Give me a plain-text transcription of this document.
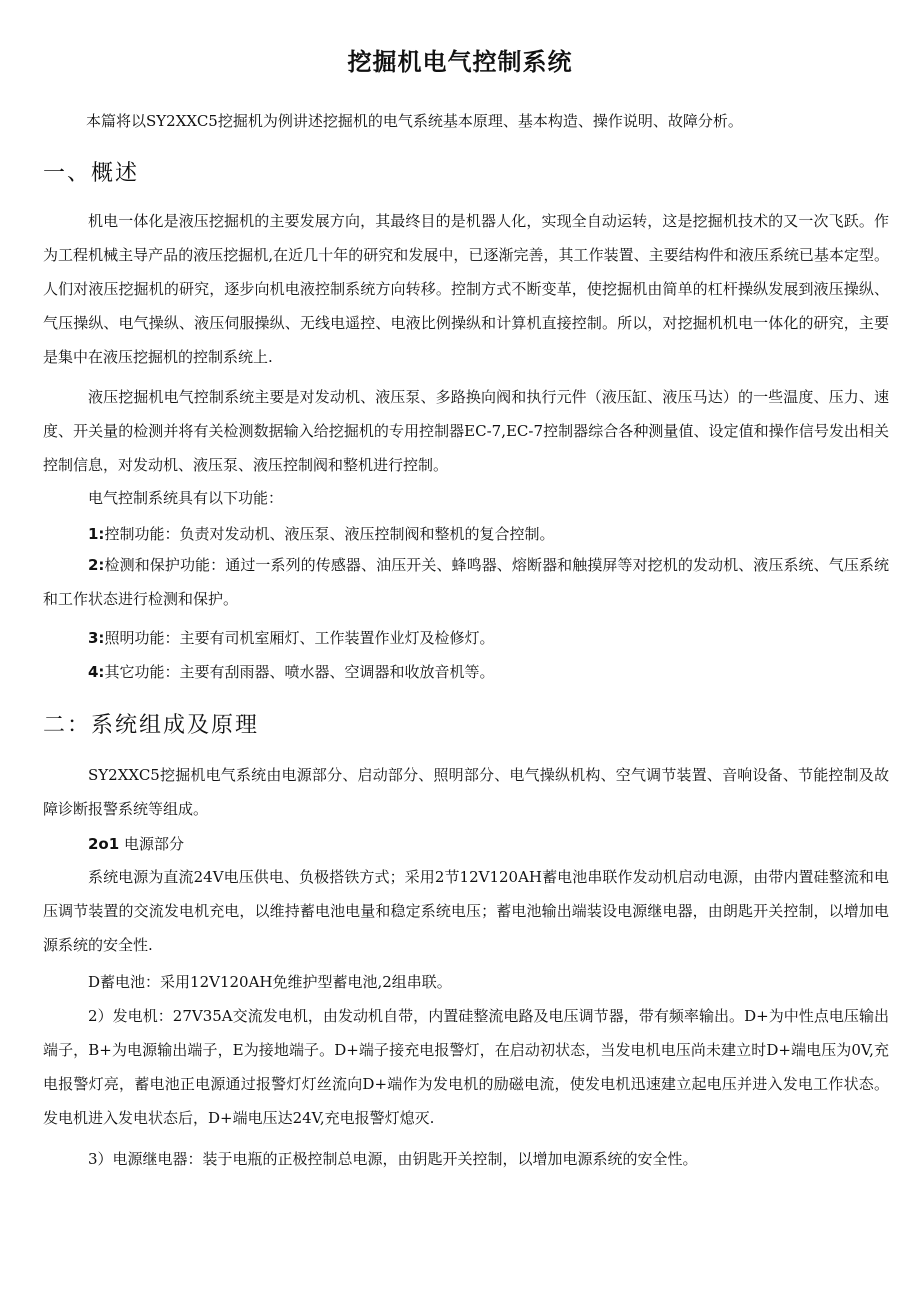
挖掘机电气控制系统
本篇将以SY2XXC5挖掘机为例讲述挖掘机的电气系统基本原理、基本构造、操作说明、故障分析。
一、概述
机电一体化是液压挖掘机的主要发展方向，其最终目的是机器人化，实现全自动运转，这是挖掘机技术的又一次飞跃。作为工程机械主导产品的液压挖掘机,在近几十年的研究和发展中，已逐渐完善，其工作装置、主要结构件和液压系统已基本定型。人们对液压挖掘机的研究，逐步向机电液控制系统方向转移。控制方式不断变革，使挖掘机由简单的杠杆操纵发展到液压操纵、气压操纵、电气操纵、液压伺服操纵、无线电遥控、电液比例操纵和计算机直接控制。所以，对挖掘机机电一体化的研究，主要是集中在液压挖掘机的控制系统上.
液压挖掘机电气控制系统主要是对发动机、液压泵、多路换向阀和执行元件（液压缸、液压马达）的一些温度、压力、速度、开关量的检测并将有关检测数据输入给挖掘机的专用控制器EC-7,EC-7控制器综合各种测量值、设定值和操作信号发出相关控制信息，对发动机、液压泵、液压控制阀和整机进行控制。
电气控制系统具有以下功能：
1:控制功能：负责对发动机、液压泵、液压控制阀和整机的复合控制。
2:检测和保护功能：通过一系列的传感器、油压开关、蜂鸣器、熔断器和触摸屏等对挖机的发动机、液压系统、气压系统和工作状态进行检测和保护。
3:照明功能：主要有司机室厢灯、工作装置作业灯及检修灯。
4:其它功能：主要有刮雨器、喷水器、空调器和收放音机等。
二：系统组成及原理
SY2XXC5挖掘机电气系统由电源部分、启动部分、照明部分、电气操纵机构、空气调节装置、音响设备、节能控制及故障诊断报警系统等组成。
2o1 电源部分
系统电源为直流24V电压供电、负极搭铁方式；采用2节12V120AH蓄电池串联作发动机启动电源，由带内置硅整流和电压调节装置的交流发电机充电，以维持蓄电池电量和稳定系统电压；蓄电池输出端装设电源继电器，由朗匙开关控制，以增加电源系统的安全性.
D蓄电池：采用12V120AH免维护型蓄电池,2组串联。
2）发电机：27V35A交流发电机，由发动机自带，内置硅整流电路及电压调节器，带有频率输出。D+为中性点电压输出端子，B+为电源输出端子，E为接地端子。D+端子接充电报警灯，在启动初状态，当发电机电压尚未建立时D+端电压为0V,充电报警灯亮，蓄电池正电源通过报警灯灯丝流向D+端作为发电机的励磁电流，使发电机迅速建立起电压并进入发电工作状态。发电机进入发电状态后，D+端电压达24V,充电报警灯熄灭.
3）电源继电器：装于电瓶的正极控制总电源，由钥匙开关控制，以增加电源系统的安全性。
